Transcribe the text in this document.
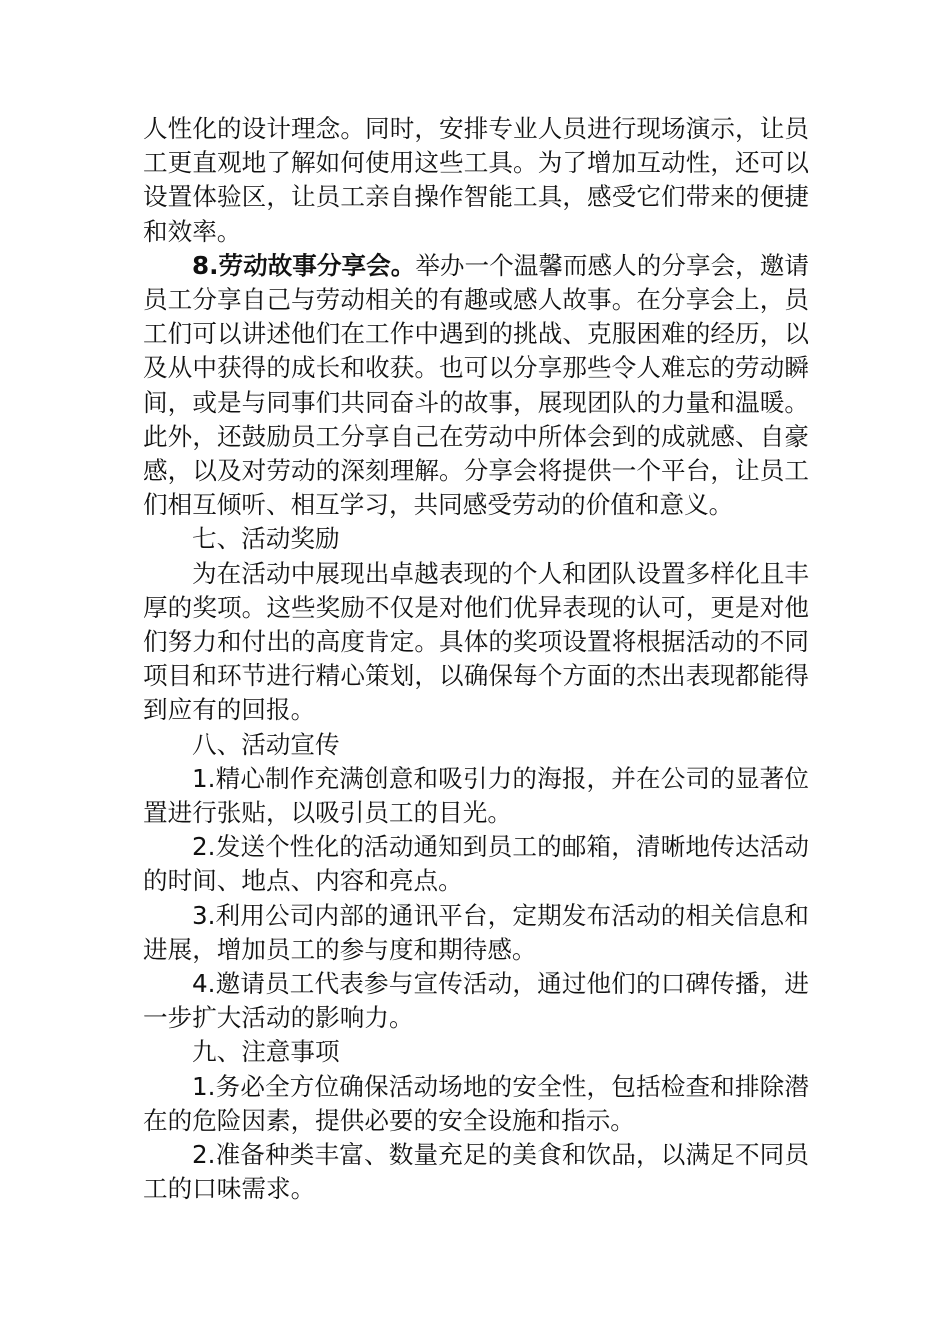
人性化的设计理念。同时，安排专业人员进行现场演示，让员工更直观地了解如何使用这些工具。为了增加互动性，还可以设置体验区，让员工亲自操作智能工具，感受它们带来的便捷和效率。

8.劳动故事分享会。举办一个温馨而感人的分享会，邀请员工分享自己与劳动相关的有趣或感人故事。在分享会上，员工们可以讲述他们在工作中遇到的挑战、克服困难的经历，以及从中获得的成长和收获。也可以分享那些令人难忘的劳动瞬间，或是与同事们共同奋斗的故事，展现团队的力量和温暖。此外，还鼓励员工分享自己在劳动中所体会到的成就感、自豪感，以及对劳动的深刻理解。分享会将提供一个平台，让员工们相互倾听、相互学习，共同感受劳动的价值和意义。

七、活动奖励

为在活动中展现出卓越表现的个人和团队设置多样化且丰厚的奖项。这些奖励不仅是对他们优异表现的认可，更是对他们努力和付出的高度肯定。具体的奖项设置将根据活动的不同项目和环节进行精心策划，以确保每个方面的杰出表现都能得到应有的回报。

八、活动宣传

1.精心制作充满创意和吸引力的海报，并在公司的显著位置进行张贴，以吸引员工的目光。

2.发送个性化的活动通知到员工的邮箱，清晰地传达活动的时间、地点、内容和亮点。

3.利用公司内部的通讯平台，定期发布活动的相关信息和进展，增加员工的参与度和期待感。

4.邀请员工代表参与宣传活动，通过他们的口碑传播，进一步扩大活动的影响力。

九、注意事项

1.务必全方位确保活动场地的安全性，包括检查和排除潜在的危险因素，提供必要的安全设施和指示。

2.准备种类丰富、数量充足的美食和饮品，以满足不同员工的口味需求。
